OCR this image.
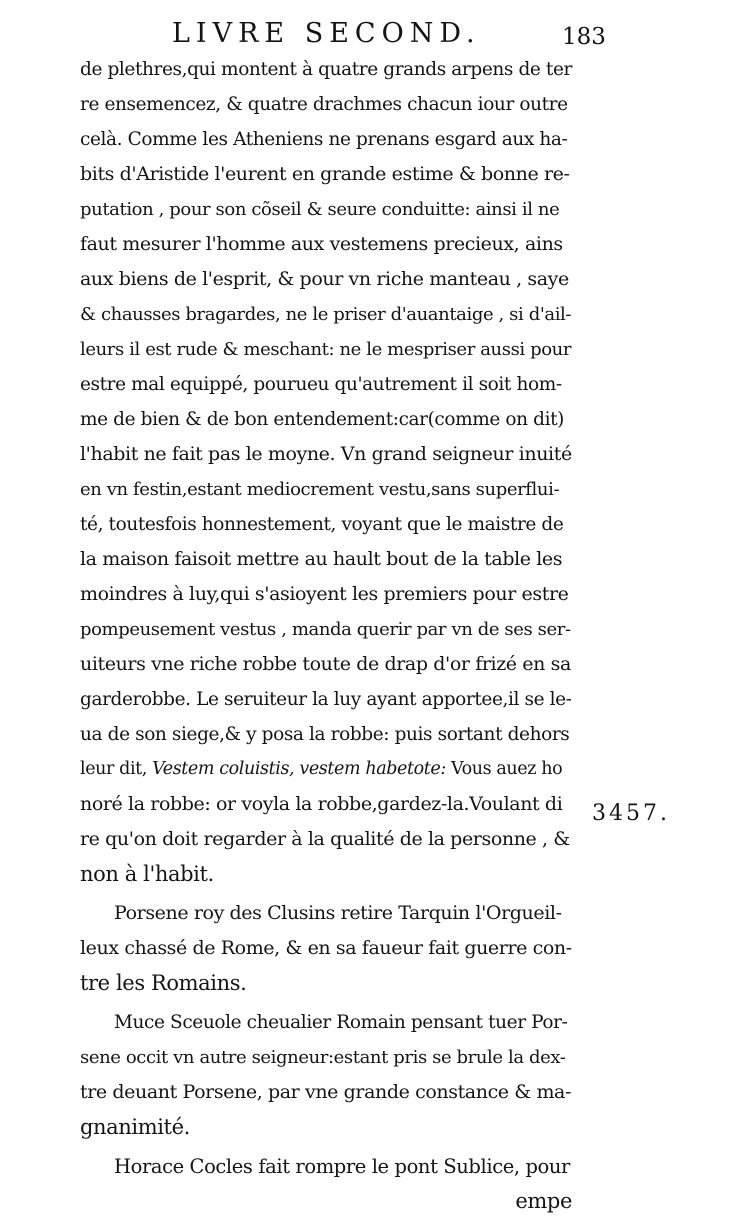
LIVRE SECOND.	183
de plethres,qui montent à quatre grands arpens de ter
re ensemencez, & quatre drachmes chacun iour outre
celà. Comme les Atheniens ne prenans esgard aux ha-
bits d'Aristide l'eurent en grande estime & bonne re-
putation , pour son cõseil & seure conduitte: ainsi il ne
faut mesurer l'homme aux vestemens precieux, ains
aux biens de l'esprit, & pour vn riche manteau , saye
& chausses bragardes, ne le priser d'auantaige , si d'ail-
leurs il est rude & meschant: ne le mespriser aussi pour
estre mal equippé, pourueu qu'autrement il soit hom-
me de bien & de bon entendement:car(comme on dit)
l'habit ne fait pas le moyne. Vn grand seigneur inuité
en vn festin,estant mediocrement vestu,sans superflui-
té, toutesfois honnestement, voyant que le maistre de
la maison faisoit mettre au hault bout de la table les
moindres à luy,qui s'asioyent les premiers pour estre
pompeusement vestus , manda querir par vn de ses ser-
uiteurs vne riche robbe toute de drap d'or frizé en sa
garderobbe. Le seruiteur la luy ayant apportee,il se le-
ua de son siege,& y posa la robbe: puis sortant dehors
leur dit, Vestem coluistis, vestem habetote: Vous auez ho
noré la robbe: or voyla la robbe,gardez-la.Voulant di
re qu'on doit regarder à la qualité de la personne , &
non à l'habit.
Porsene roy des Clusins retire Tarquin l'Orgueil-
leux chassé de Rome, & en sa faueur fait guerre con-
tre les Romains.
Muce Sceuole cheualier Romain pensant tuer Por-
sene occit vn autre seigneur:estant pris se brule la dex-
tre deuant Porsene, par vne grande constance & ma-
gnanimité.
Horace Cocles fait rompre le pont Sublice, pour
empe
3457.
